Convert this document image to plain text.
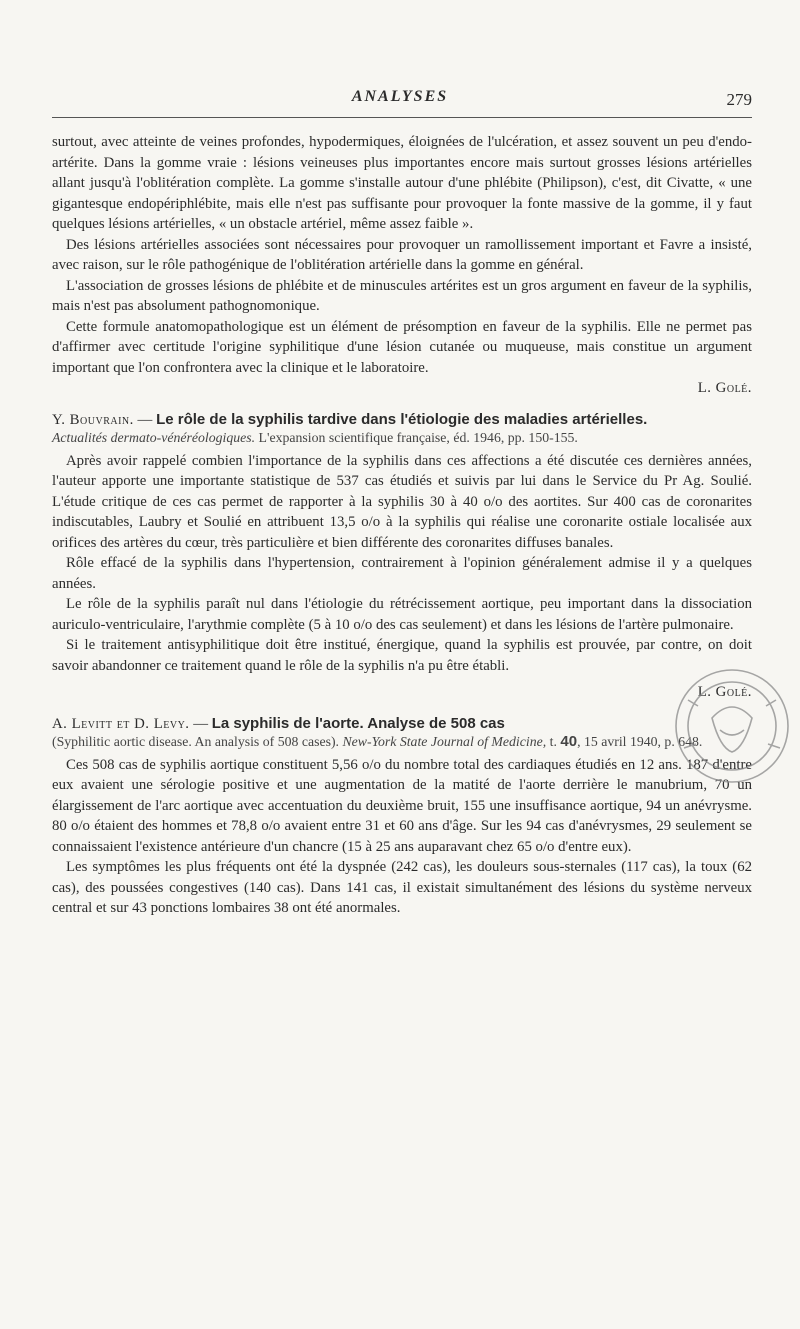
ANALYSES	279

surtout, avec atteinte de veines profondes, hypodermiques, éloignées de l'ulcération, et assez souvent un peu d'endo-artérite. Dans la gomme vraie : lésions veineuses plus importantes encore mais surtout grosses lésions artérielles allant jusqu'à l'oblitération complète. La gomme s'installe autour d'une phlébite (Philipson), c'est, dit Civatte, « une gigantesque endopériphlébite, mais elle n'est pas suffisante pour provoquer la fonte massive de la gomme, il y faut quelques lésions artérielles, « un obstacle artériel, même assez faible ».

Des lésions artérielles associées sont nécessaires pour provoquer un ramollissement important et Favre a insisté, avec raison, sur le rôle pathogénique de l'oblitération artérielle dans la gomme en général.

L'association de grosses lésions de phlébite et de minuscules artérites est un gros argument en faveur de la syphilis, mais n'est pas absolument pathognomonique.

Cette formule anatomopathologique est un élément de présomption en faveur de la syphilis. Elle ne permet pas d'affirmer avec certitude l'origine syphilitique d'une lésion cutanée ou muqueuse, mais constitue un argument important que l'on confrontera avec la clinique et le laboratoire.

L. Golé.

Y. Bouvrain. — Le rôle de la syphilis tardive dans l'étiologie des maladies artérielles.

Actualités dermato-vénéréologiques. L'expansion scientifique française, éd. 1946, pp. 150-155.

Après avoir rappelé combien l'importance de la syphilis dans ces affections a été discutée ces dernières années, l'auteur apporte une importante statistique de 537 cas étudiés et suivis par lui dans le Service du Pr Ag. Soulié. L'étude critique de ces cas permet de rapporter à la syphilis 30 à 40 o/o des aortites. Sur 400 cas de coronarites indiscutables, Laubry et Soulié en attribuent 13,5 o/o à la syphilis qui réalise une coronarite ostiale localisée aux orifices des artères du cœur, très particulière et bien différente des coronarites diffuses banales.

Rôle effacé de la syphilis dans l'hypertension, contrairement à l'opinion généralement admise il y a quelques années.

Le rôle de la syphilis paraît nul dans l'étiologie du rétrécissement aortique, peu important dans la dissociation auriculo-ventriculaire, l'arythmie complète (5 à 10 o/o des cas seulement) et dans les lésions de l'artère pulmonaire.

Si le traitement antisyphilitique doit être institué, énergique, quand la syphilis est prouvée, par contre, on doit savoir abandonner ce traitement quand le rôle de la syphilis n'a pu être établi.

L. Golé.

A. Levitt et D. Levy. — La syphilis de l'aorte. Analyse de 508 cas

(Syphilitic aortic disease. An analysis of 508 cases). New-York State Journal of Medicine, t. 40, 15 avril 1940, p. 648.

Ces 508 cas de syphilis aortique constituent 5,56 o/o du nombre total des cardiaques étudiés en 12 ans. 187 d'entre eux avaient une sérologie positive et une augmentation de la matité de l'aorte derrière le manubrium, 70 un élargissement de l'arc aortique avec accentuation du deuxième bruit, 155 une insuffisance aortique, 94 un anévrysme. 80 o/o étaient des hommes et 78,8 o/o avaient entre 31 et 60 ans d'âge. Sur les 94 cas d'anévrysmes, 29 seulement se connaissaient l'existence antérieure d'un chancre (15 à 25 ans auparavant chez 65 o/o d'entre eux).

Les symptômes les plus fréquents ont été la dyspnée (242 cas), les douleurs sous-sternales (117 cas), la toux (62 cas), des poussées congestives (140 cas). Dans 141 cas, il existait simultanément des lésions du système nerveux central et sur 43 ponctions lombaires 38 ont été anormales.
